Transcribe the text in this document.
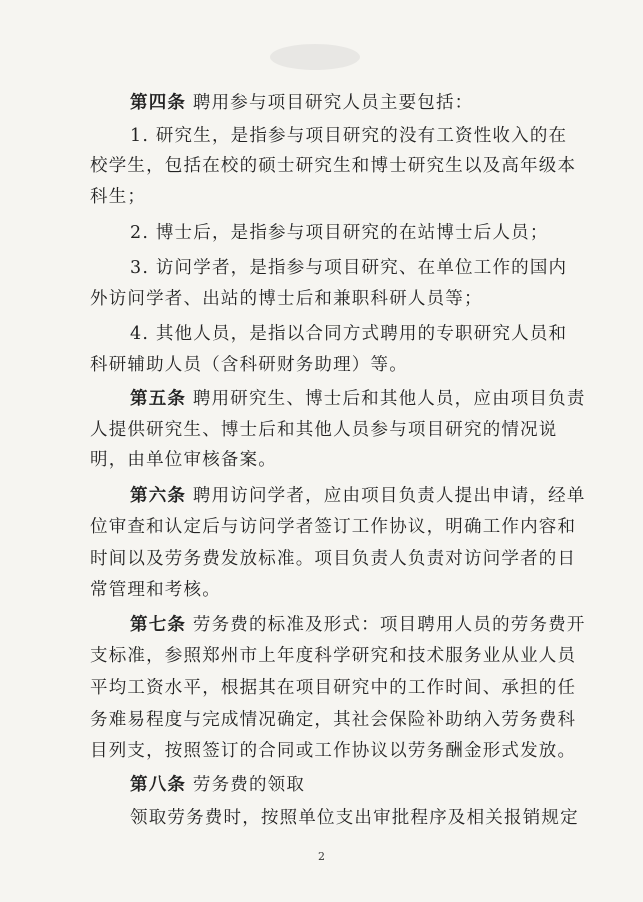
第四条 聘用参与项目研究人员主要包括：
1. 研究生，是指参与项目研究的没有工资性收入的在
校学生，包括在校的硕士研究生和博士研究生以及高年级本
科生；
2. 博士后，是指参与项目研究的在站博士后人员；
3. 访问学者，是指参与项目研究、在单位工作的国内
外访问学者、出站的博士后和兼职科研人员等；
4. 其他人员，是指以合同方式聘用的专职研究人员和
科研辅助人员（含科研财务助理）等。
第五条 聘用研究生、博士后和其他人员，应由项目负责
人提供研究生、博士后和其他人员参与项目研究的情况说
明，由单位审核备案。
第六条 聘用访问学者，应由项目负责人提出申请，经单
位审查和认定后与访问学者签订工作协议，明确工作内容和
时间以及劳务费发放标准。项目负责人负责对访问学者的日
常管理和考核。
第七条 劳务费的标准及形式：项目聘用人员的劳务费开
支标准，参照郑州市上年度科学研究和技术服务业从业人员
平均工资水平，根据其在项目研究中的工作时间、承担的任
务难易程度与完成情况确定，其社会保险补助纳入劳务费科
目列支，按照签订的合同或工作协议以劳务酬金形式发放。
第八条 劳务费的领取
领取劳务费时，按照单位支出审批程序及相关报销规定
2
